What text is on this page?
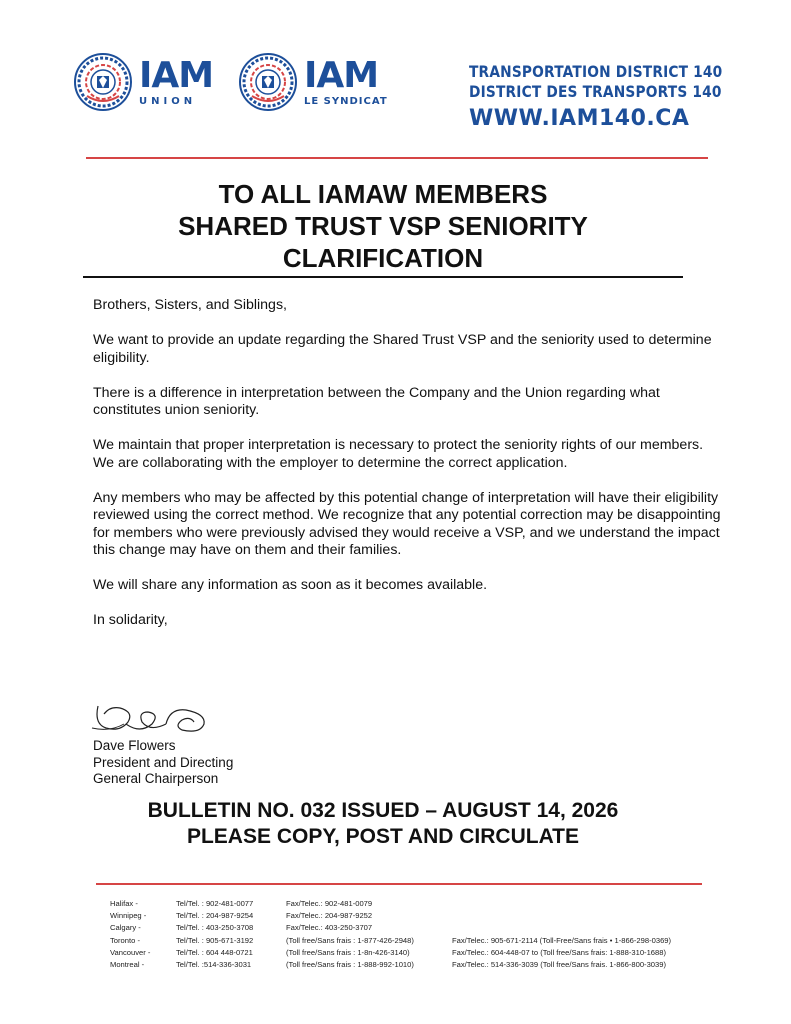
IAM
UNION
IAM
LE SYNDICAT
TRANSPORTATION DISTRICT 140
DISTRICT DES TRANSPORTS 140
WWW.IAM140.CA
TO ALL IAMAW MEMBERS
SHARED TRUST VSP SENIORITY
CLARIFICATION

Brothers, Sisters, and Siblings,

We want to provide an update regarding the Shared Trust VSP and the seniority used to determine eligibility.

There is a difference in interpretation between the Company and the Union regarding what constitutes union seniority.

We maintain that proper interpretation is necessary to protect the seniority rights of our members. We are collaborating with the employer to determine the correct application.

Any members who may be affected by this potential change of interpretation will have their eligibility reviewed using the correct method. We recognize that any potential correction may be disappointing for members who were previously advised they would receive a VSP, and we understand the impact this change may have on them and their families.

We will share any information as soon as it becomes available.

In solidarity,

Dave Flowers
President and Directing
General Chairperson
BULLETIN NO. 032 ISSUED – AUGUST 14, 2026
PLEASE COPY, POST AND CIRCULATE
Halifax -
Winnipeg -
Calgary -
Toronto -
Vancouver -
Montreal -
Tel/Tel. : 902-481-0077
Tel/Tel. : 204-987-9254
Tel/Tel. : 403-250-3708
Tel/Tel. : 905-671-3192
Tel/Tel. : 604 448-0721
Tel/Tel. :514-336-3031
Fax/Telec.: 902-481-0079
Fax/Telec.: 204-987-9252
Fax/Telec.: 403-250-3707
(Toll free/Sans frais : 1-877-426-2948)
(Toll free/Sans frais : 1-8n-426-3140)
(Toll free/Sans frais : 1-888-992-1010)

Fax/Telec.: 905-671-2114 (Toll-Free/Sans frais • 1-866-298-0369)
Fax/Telec.: 604-448-07 to (Toll free/Sans frais: 1-888-310-1688)
Fax/Telec.: 514-336-3039 (Toll free/Sans frais. 1-866-800-3039)
